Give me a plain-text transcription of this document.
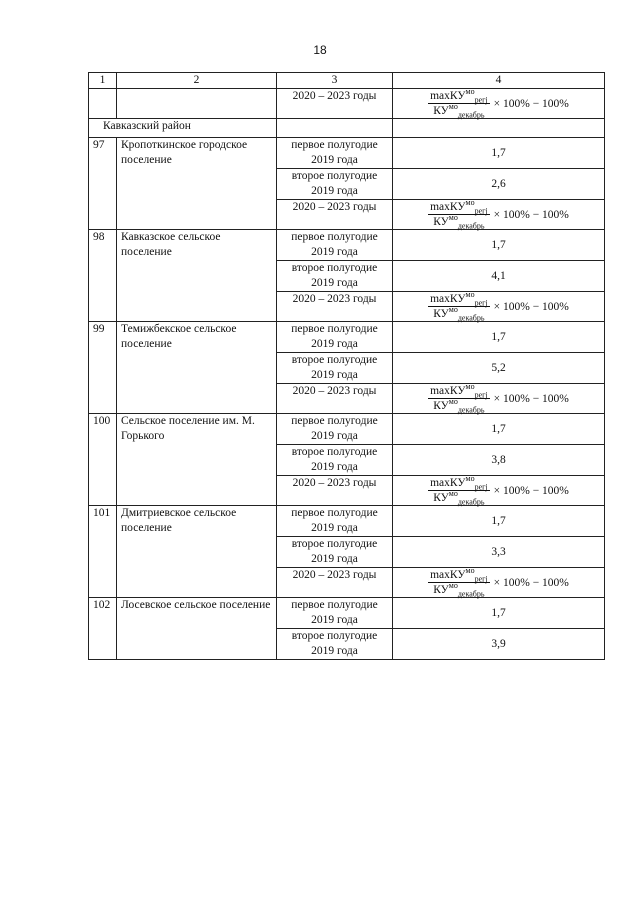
18
1	2	3	4
		2020 – 2023 годы	$\frac{\max КУ^{мо}_{регj}}{КУ^{мо}_{декабрь}} \times 100\% - 100\%$

Кавказский район			
97	Кропоткинское городское поселение	первое полугодие 2019 года	1,7
		второе полугодие 2019 года	2,6
		2020 – 2023 годы	$\frac{\max КУ^{мо}_{регj}}{КУ^{мо}_{декабрь}} \times 100\% - 100\%$

98	Кавказское сельское поселение	первое полугодие 2019 года	1,7
		второе полугодие 2019 года	4,1
		2020 – 2023 годы	$\frac{\max КУ^{мо}_{регj}}{КУ^{мо}_{декабрь}} \times 100\% - 100\%$

99	Темижбекское сельское поселение	первое полугодие 2019 года	1,7
		второе полугодие 2019 года	5,2
		2020 – 2023 годы	$\frac{\max КУ^{мо}_{регj}}{КУ^{мо}_{декабрь}} \times 100\% - 100\%$

100	Сельское поселение им. М. Горького	первое полугодие 2019 года	1,7
		второе полугодие 2019 года	3,8
		2020 – 2023 годы	$\frac{\max КУ^{мо}_{регj}}{КУ^{мо}_{декабрь}} \times 100\% - 100\%$

101	Дмитриевское сельское поселение	первое полугодие 2019 года	1,7
		второе полугодие 2019 года	3,3
		2020 – 2023 годы	$\frac{\max КУ^{мо}_{регj}}{КУ^{мо}_{декабрь}} \times 100\% - 100\%$

102	Лосевское сельское поселение	первое полугодие 2019 года	1,7
		второе полугодие 2019 года	3,9
